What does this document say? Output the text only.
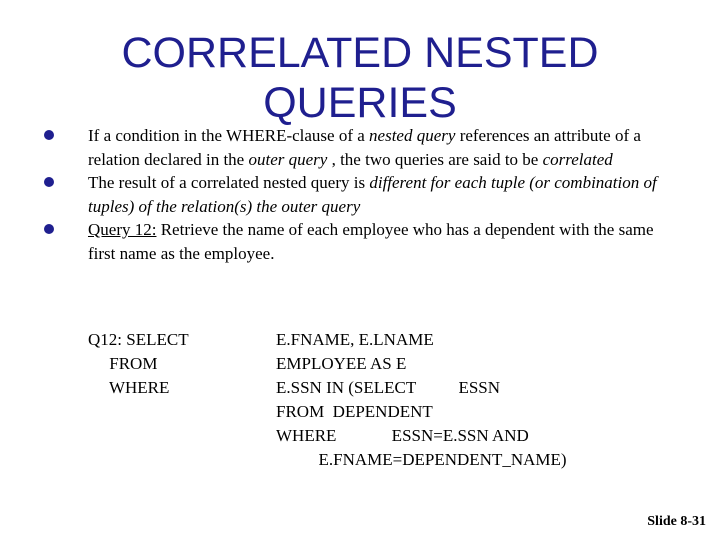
CORRELATED NESTED
QUERIES
If a condition in the WHERE-clause of a nested query references an attribute of a relation declared in the outer query , the two queries are said to be correlated
The result of a correlated nested query is different for each tuple (or combination of tuples) of the relation(s) the outer query
Query 12: Retrieve the name of each employee who has a dependent with the same first name as the employee.
Q12: SELECT
FROM
WHERE
E.FNAME, E.LNAME
EMPLOYEE AS E
E.SSN IN (SELECT          ESSN
FROM  DEPENDENT
WHERE             ESSN=E.SSN AND
E.FNAME=DEPENDENT_NAME)
Slide 8-31
